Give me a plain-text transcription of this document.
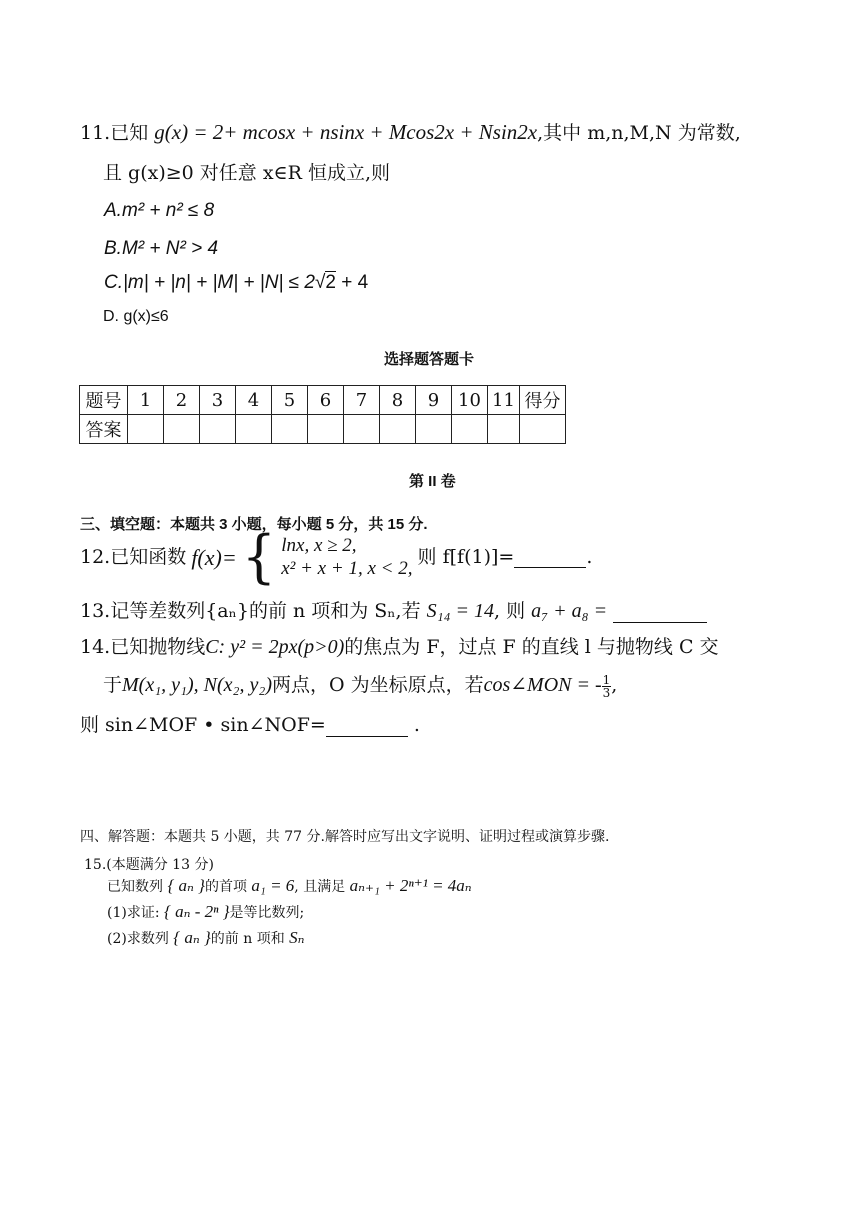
11.已知 g(x) = 2+ mcosx + nsinx + Mcos2x + Nsin2x,其中 m,n,M,N 为常数,
且 g(x)≥0 对任意 x∈R 恒成立,则
A.m² + n² ≤ 8
B.M² + N² > 4
C.|m| + |n| + |M| + |N| ≤ 2√2 + 4
D. g(x)≤6
选择题答题卡
题号	1	2	3	4	5	6	7	8	9	10	11	得分
答案												
第 II 卷
三、填空题：本题共 3 小题，每小题 5 分，共 15 分.
12.已知函数 f(x)= { lnx, x ≥ 2,
x² + x + 1, x < 2,
则 f[f(1)]=	.
13.记等差数列{aₙ}的前 n 项和为 Sₙ,若 S₁₄ = 14, 则 a₇ + a₈ =
14.已知抛物线C: y² = 2px(p>0)的焦点为 F，过点 F 的直线 l 与抛物线 C 交
于M(x₁, y₁), N(x₂, y₂)两点，O 为坐标原点，若cos∠MON = - $\frac{1}{3}$ ,
则 sin∠MOF • sin∠NOF=	.
四、解答题：本题共 5 小题，共 77 分.解答时应写出文字说明、证明过程或演算步骤.
15.(本题满分 13 分)
已知数列 { aₙ }的首项 a₁ = 6, 且满足 aₙ₊₁ + 2ⁿ⁺¹ = 4aₙ
(1)求证: { aₙ - 2ⁿ }是等比数列;
(2)求数列 { aₙ }的前 n 项和 Sₙ
